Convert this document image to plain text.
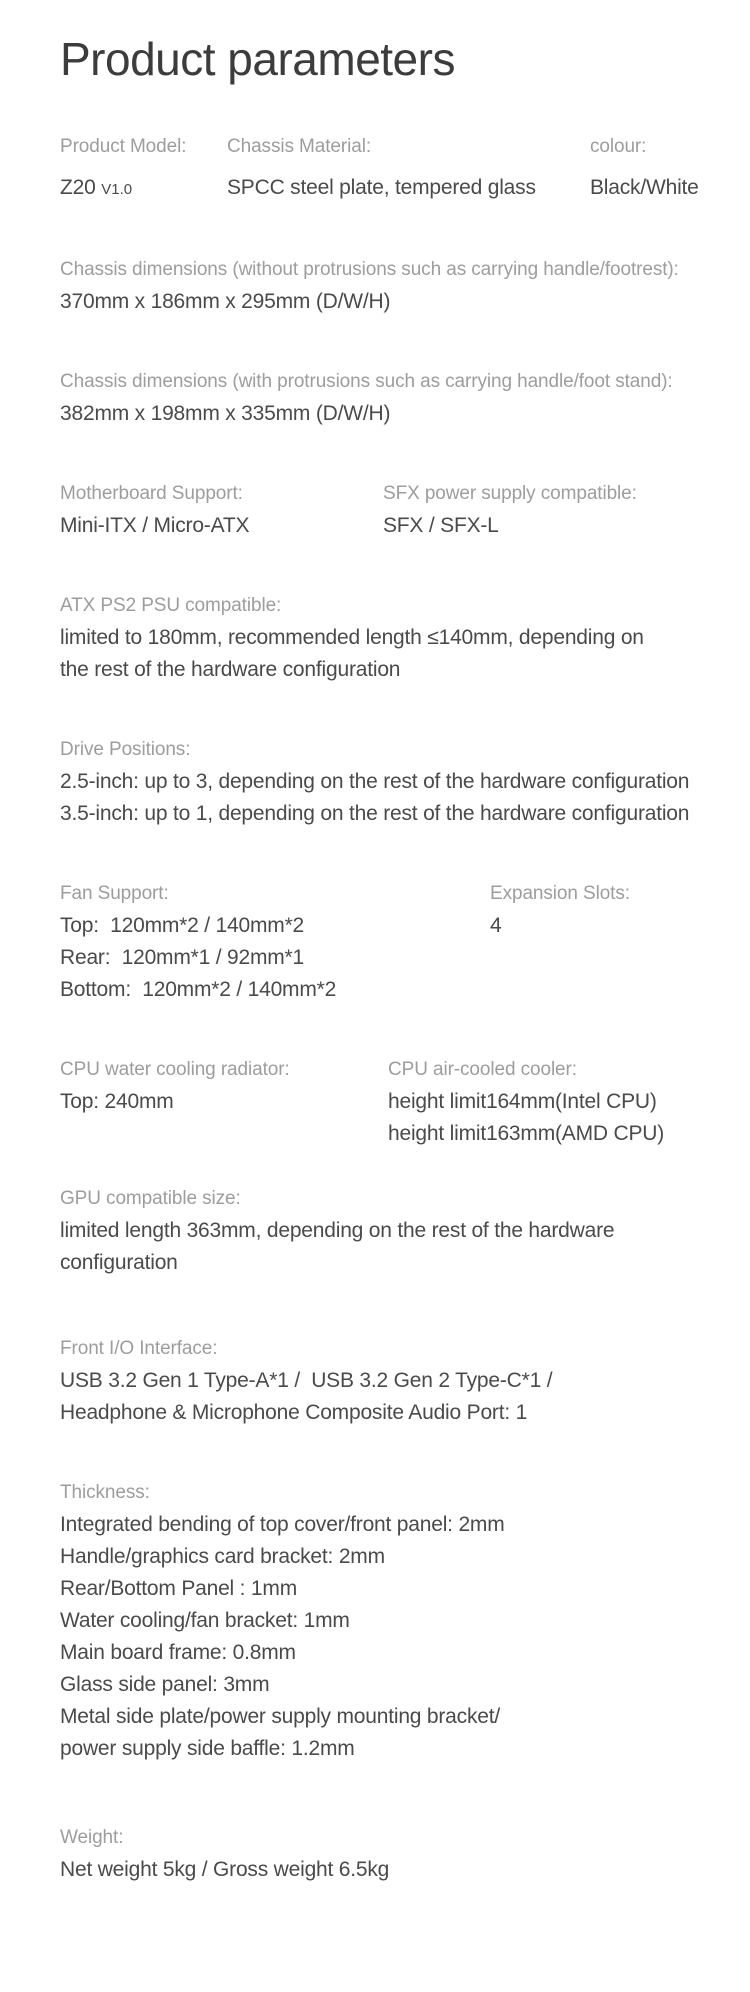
Product parameters
Product Model:
Z20 V1.0
Chassis Material:
SPCC steel plate, tempered glass
colour:
Black/White
Chassis dimensions (without protrusions such as carrying handle/footrest):
370mm x 186mm x 295mm (D/W/H)
Chassis dimensions (with protrusions such as carrying handle/foot stand):
382mm x 198mm x 335mm (D/W/H)
Motherboard Support:
Mini-ITX / Micro-ATX
SFX power supply compatible:
SFX / SFX-L
ATX PS2 PSU compatible:
limited to 180mm, recommended length ≤140mm, depending on
the rest of the hardware configuration
Drive Positions:
2.5-inch: up to 3, depending on the rest of the hardware configuration
3.5-inch: up to 1, depending on the rest of the hardware configuration
Fan Support:
Top:  120mm*2 / 140mm*2
Rear:  120mm*1 / 92mm*1
Bottom:  120mm*2 / 140mm*2
Expansion Slots:
4
CPU water cooling radiator:
Top: 240mm
CPU air-cooled cooler:
height limit164mm(Intel CPU)
height limit163mm(AMD CPU)
GPU compatible size:
limited length 363mm, depending on the rest of the hardware
configuration
Front I/O Interface:
USB 3.2 Gen 1 Type-A*1 /  USB 3.2 Gen 2 Type-C*1 /
Headphone & Microphone Composite Audio Port: 1
Thickness:
Integrated bending of top cover/front panel: 2mm
Handle/graphics card bracket: 2mm
Rear/Bottom Panel : 1mm
Water cooling/fan bracket: 1mm
Main board frame: 0.8mm
Glass side panel: 3mm
Metal side plate/power supply mounting bracket/
power supply side baffle: 1.2mm
Weight:
Net weight 5kg / Gross weight 6.5kg
